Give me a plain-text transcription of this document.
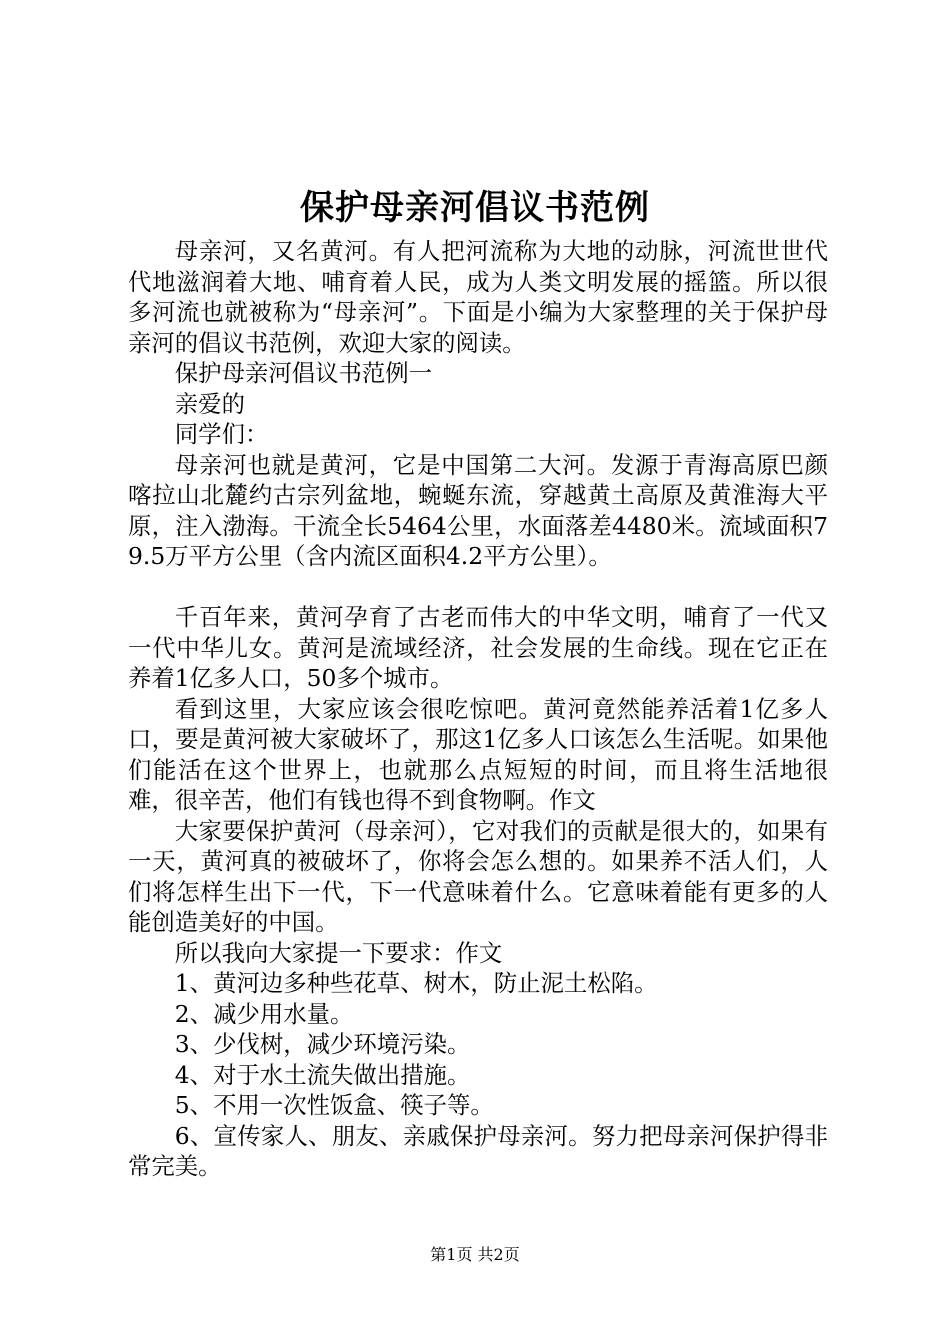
保护母亲河倡议书范例

母亲河，又名黄河。有人把河流称为大地的动脉，河流世世代代地滋润着大地、哺育着人民，成为人类文明发展的摇篮。所以很多河流也就被称为“母亲河”。下面是小编为大家整理的关于保护母亲河的倡议书范例，欢迎大家的阅读。

保护母亲河倡议书范例一

亲爱的

同学们：

母亲河也就是黄河，它是中国第二大河。发源于青海高原巴颜喀拉山北麓约古宗列盆地，蜿蜒东流，穿越黄土高原及黄淮海大平原，注入渤海。干流全长5464公里，水面落差4480米。流域面积79.5万平方公里（含内流区面积4.2平方公里）。

千百年来，黄河孕育了古老而伟大的中华文明，哺育了一代又一代中华儿女。黄河是流域经济，社会发展的生命线。现在它正在养着1亿多人口，50多个城市。

看到这里，大家应该会很吃惊吧。黄河竟然能养活着1亿多人口，要是黄河被大家破坏了，那这1亿多人口该怎么生活呢。如果他们能活在这个世界上，也就那么点短短的时间，而且将生活地很难，很辛苦，他们有钱也得不到食物啊。作文

大家要保护黄河（母亲河），它对我们的贡献是很大的，如果有一天，黄河真的被破坏了，你将会怎么想的。如果养不活人们，人们将怎样生出下一代，下一代意味着什么。它意味着能有更多的人能创造美好的中国。

所以我向大家提一下要求：作文

1、黄河边多种些花草、树木，防止泥土松陷。

2、减少用水量。

3、少伐树，减少环境污染。

4、对于水土流失做出措施。

5、不用一次性饭盒、筷子等。

6、宣传家人、朋友、亲戚保护母亲河。努力把母亲河保护得非常完美。

第1页 共2页
